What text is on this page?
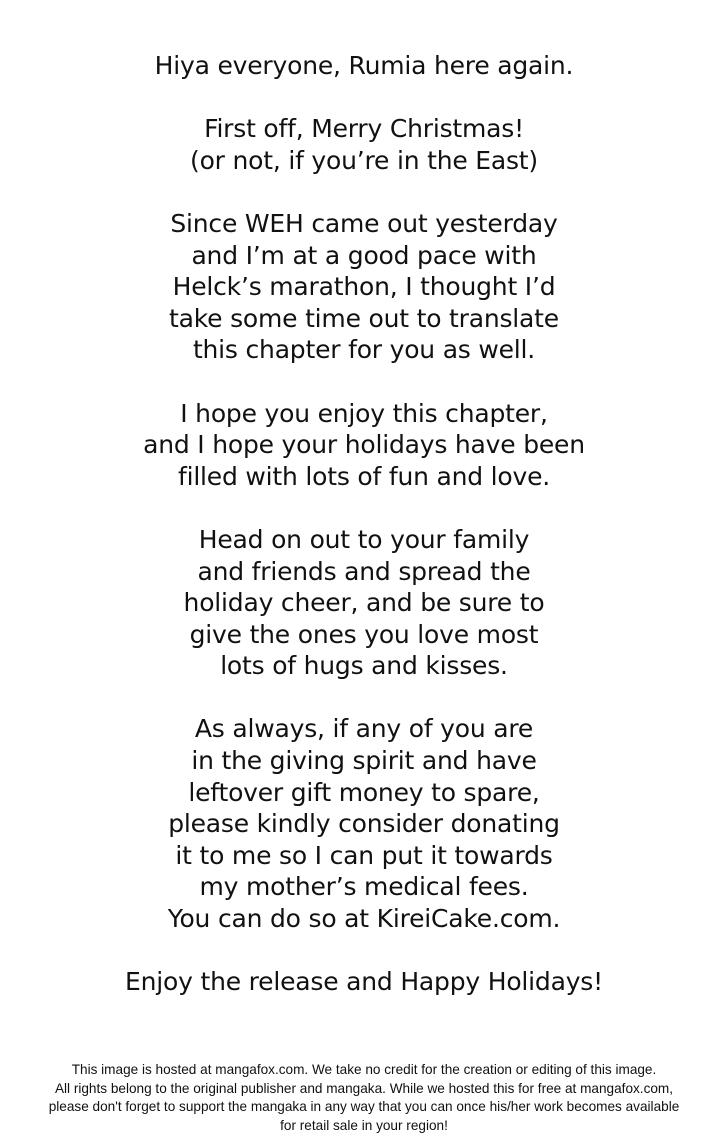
Hiya everyone, Rumia here again.

First off, Merry Christmas!
(or not, if you’re in the East)

Since WEH came out yesterday
and I’m at a good pace with
Helck’s marathon, I thought I’d
take some time out to translate
this chapter for you as well.

I hope you enjoy this chapter,
and I hope your holidays have been
filled with lots of fun and love.

Head on out to your family
and friends and spread the
holiday cheer, and be sure to
give the ones you love most
lots of hugs and kisses.

As always, if any of you are
in the giving spirit and have
leftover gift money to spare,
please kindly consider donating
it to me so I can put it towards
my mother’s medical fees.
You can do so at KireiCake.com.

Enjoy the release and Happy Holidays!

This image is hosted at mangafox.com. We take no credit for the creation or editing of this image.
All rights belong to the original publisher and mangaka. While we hosted this for free at mangafox.com,
please don't forget to support the mangaka in any way that you can once his/her work becomes available
for retail sale in your region!
